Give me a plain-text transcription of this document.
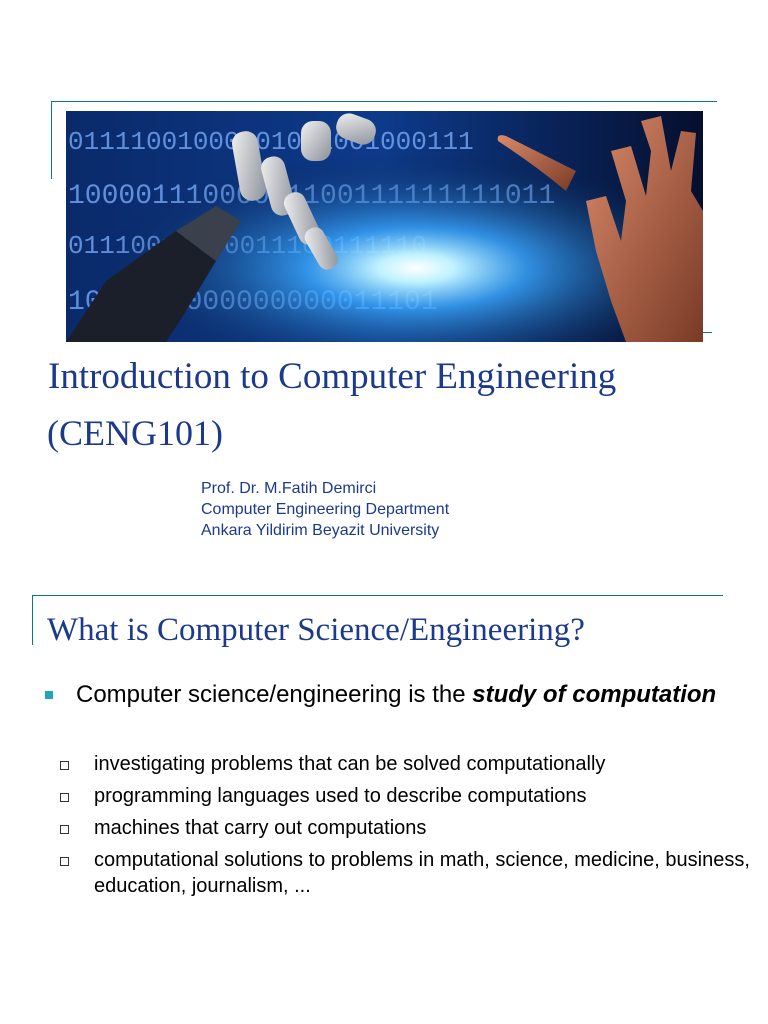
Introduction to Computer Engineering
(CENG101)
Prof. Dr. M.Fatih Demirci
Computer Engineering Department
Ankara Yildirim Beyazit University
What is Computer Science/Engineering?
Computer science/engineering is the study of computation
investigating problems that can be solved computationally
programming languages used to describe computations
machines that carry out computations
computational solutions to problems in math, science, medicine, business, education, journalism, ...
